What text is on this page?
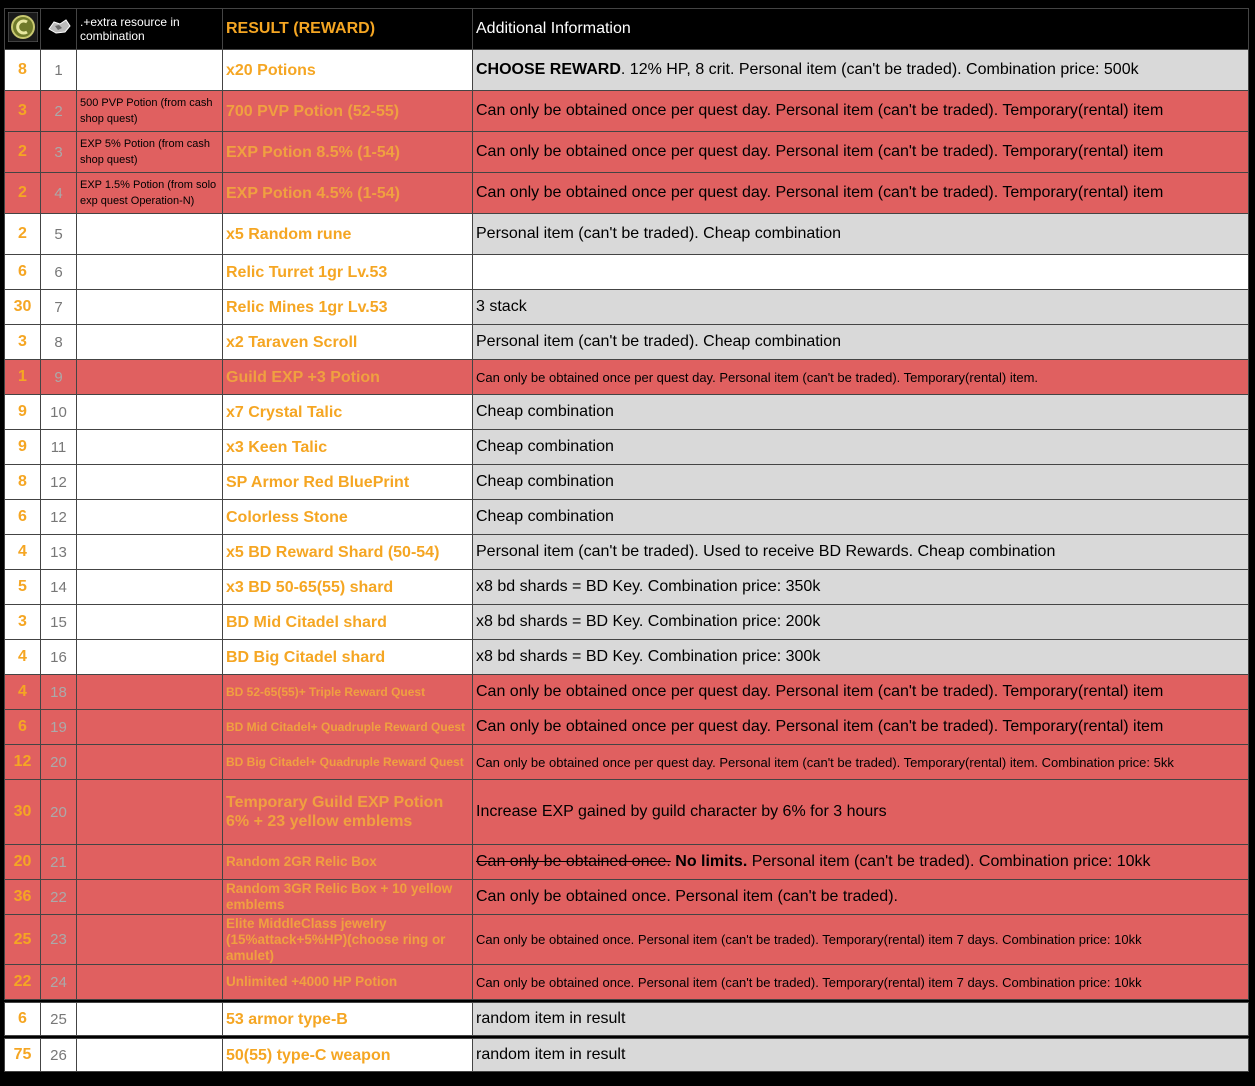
		.+extra resource in combination	RESULT (REWARD)	Additional Information
8	1		x20 Potions	CHOOSE REWARD. 12% HP, 8 crit. Personal item (can't be traded). Combination price: 500k
3	2	500 PVP Potion (from cash shop quest)	700 PVP Potion (52-55)	Can only be obtained once per quest day. Personal item (can't be traded). Temporary(rental) item
2	3	EXP 5% Potion (from cash shop quest)	EXP Potion 8.5% (1-54)	Can only be obtained once per quest day. Personal item (can't be traded). Temporary(rental) item
2	4	EXP 1.5% Potion (from solo exp quest Operation-N)	EXP Potion 4.5% (1-54)	Can only be obtained once per quest day. Personal item (can't be traded). Temporary(rental) item
2	5		x5 Random rune	Personal item (can't be traded). Cheap combination
6	6		Relic Turret 1gr Lv.53	
30	7		Relic Mines 1gr Lv.53	3 stack
3	8		x2 Taraven Scroll	Personal item (can't be traded). Cheap combination
1	9		Guild EXP +3 Potion	Can only be obtained once per quest day. Personal item (can't be traded). Temporary(rental) item.
9	10		x7 Crystal Talic	Cheap combination
9	11		x3 Keen Talic	Cheap combination
8	12		SP Armor Red BluePrint	Cheap combination
6	12		Colorless Stone	Cheap combination
4	13		x5 BD Reward Shard (50-54)	Personal item (can't be traded). Used to receive BD Rewards. Cheap combination
5	14		x3 BD 50-65(55) shard	x8 bd shards = BD Key. Combination price: 350k
3	15		BD Mid Citadel shard	x8 bd shards = BD Key. Combination price: 200k
4	16		BD Big Citadel shard	x8 bd shards = BD Key. Combination price: 300k
4	18		BD 52-65(55)+ Triple Reward Quest	Can only be obtained once per quest day. Personal item (can't be traded). Temporary(rental) item
6	19		BD Mid Citadel+ Quadruple Reward Quest	Can only be obtained once per quest day. Personal item (can't be traded). Temporary(rental) item
12	20		BD Big Citadel+ Quadruple Reward Quest	Can only be obtained once per quest day. Personal item (can't be traded). Temporary(rental) item. Combination price: 5kk
30	20		Temporary Guild EXP Potion 6% + 23 yellow emblems	Increase EXP gained by guild character by 6% for 3 hours
20	21		Random 2GR Relic Box	Can only be obtained once. No limits. Personal item (can't be traded). Combination price: 10kk
36	22		Random 3GR Relic Box + 10 yellow emblems	Can only be obtained once. Personal item (can't be traded).
25	23		Elite MiddleClass jewelry (15%attack+5%HP)(choose ring or amulet)	Can only be obtained once. Personal item (can't be traded). Temporary(rental) item 7 days. Combination price: 10kk
22	24		Unlimited +4000 HP Potion	Can only be obtained once. Personal item (can't be traded). Temporary(rental) item 7 days. Combination price: 10kk

6	25		53 armor type-B	random item in result

75	26		50(55) type-C weapon	random item in result
